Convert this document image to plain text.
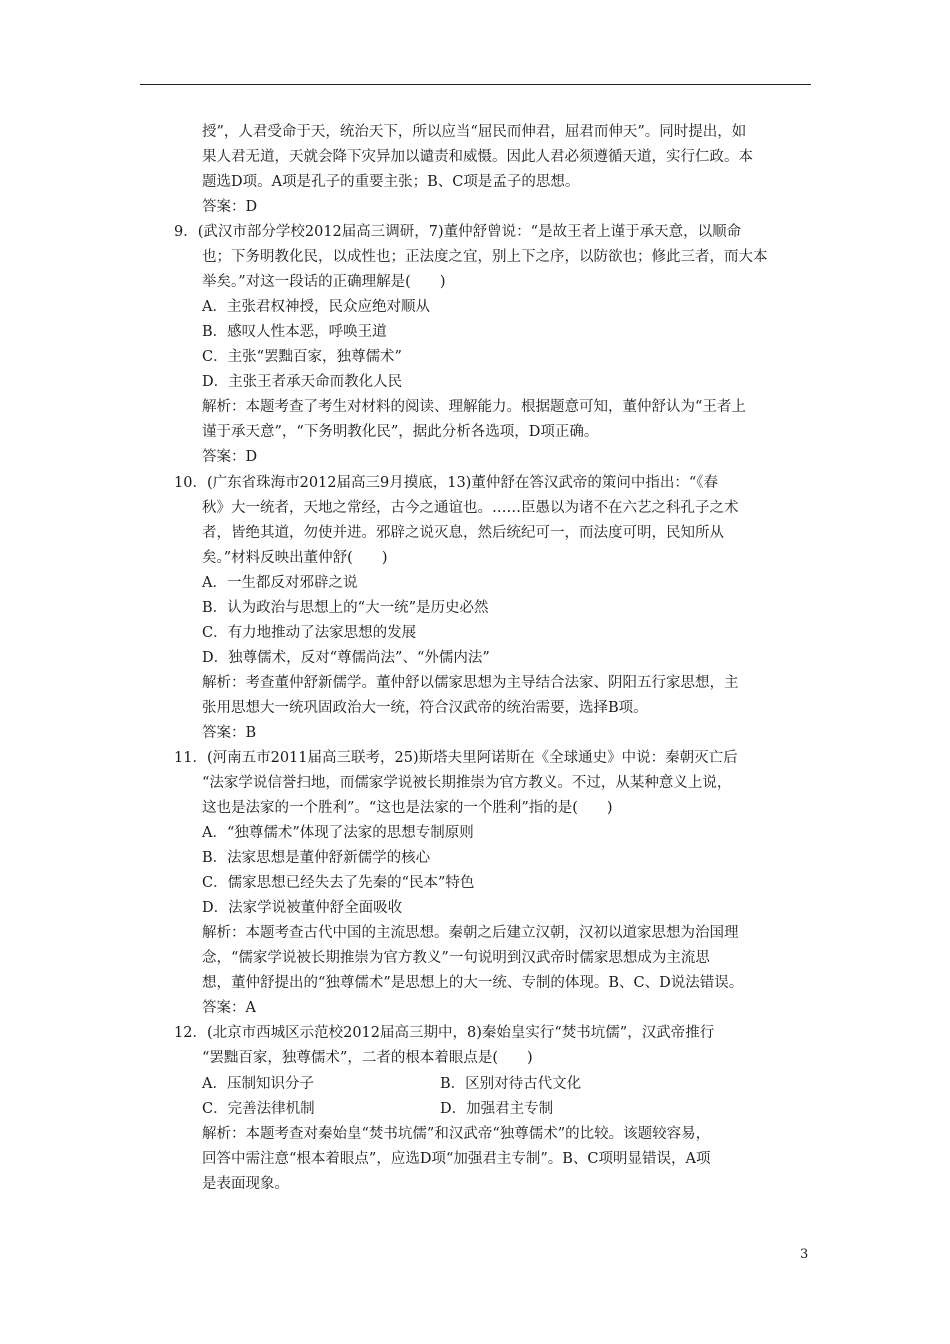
授”，人君受命于天，统治天下，所以应当“屈民而伸君，屈君而伸天”。同时提出，如
果人君无道，天就会降下灾异加以谴责和威慑。因此人君必须遵循天道，实行仁政。本
题选D项。A项是孔子的重要主张；B、C项是孟子的思想。
答案：D
9．(武汉市部分学校2012届高三调研，7)董仲舒曾说：“是故王者上谨于承天意，以顺命
也；下务明教化民，以成性也；正法度之宜，别上下之序，以防欲也；修此三者，而大本
举矣。”对这一段话的正确理解是(　　)
A．主张君权神授，民众应绝对顺从
B．感叹人性本恶，呼唤王道
C．主张“罢黜百家，独尊儒术”
D．主张王者承天命而教化人民
解析：本题考查了考生对材料的阅读、理解能力。根据题意可知，董仲舒认为“王者上
谨于承天意”，“下务明教化民”，据此分析各选项，D项正确。
答案：D
10．(广东省珠海市2012届高三9月摸底，13)董仲舒在答汉武帝的策问中指出：“《春
秋》大一统者，天地之常经，古今之通谊也。……臣愚以为诸不在六艺之科孔子之术
者，皆绝其道，勿使并进。邪辟之说灭息，然后统纪可一，而法度可明，民知所从
矣。”材料反映出董仲舒(　　)
A．一生都反对邪辟之说
B．认为政治与思想上的“大一统”是历史必然
C．有力地推动了法家思想的发展
D．独尊儒术，反对“尊儒尚法”、“外儒内法”
解析：考查董仲舒新儒学。董仲舒以儒家思想为主导结合法家、阴阳五行家思想，主
张用思想大一统巩固政治大一统，符合汉武帝的统治需要，选择B项。
答案：B
11．(河南五市2011届高三联考，25)斯塔夫里阿诺斯在《全球通史》中说：秦朝灭亡后
“法家学说信誉扫地，而儒家学说被长期推崇为官方教义。不过，从某种意义上说，
这也是法家的一个胜利”。“这也是法家的一个胜利”指的是(　　)
A．“独尊儒术”体现了法家的思想专制原则
B．法家思想是董仲舒新儒学的核心
C．儒家思想已经失去了先秦的“民本”特色
D．法家学说被董仲舒全面吸收
解析：本题考查古代中国的主流思想。秦朝之后建立汉朝，汉初以道家思想为治国理
念，“儒家学说被长期推崇为官方教义”一句说明到汉武帝时儒家思想成为主流思
想，董仲舒提出的“独尊儒术”是思想上的大一统、专制的体现。B、C、D说法错误。
答案：A
12．(北京市西城区示范校2012届高三期中，8)秦始皇实行“焚书坑儒”，汉武帝推行
“罢黜百家，独尊儒术”，二者的根本着眼点是(　　)
A．压制知识分子	B．区别对待古代文化
C．完善法律机制	D．加强君主专制
解析：本题考查对秦始皇“焚书坑儒”和汉武帝“独尊儒术”的比较。该题较容易，
回答中需注意“根本着眼点”，应选D项“加强君主专制”。B、C项明显错误，A项
是表面现象。
3
